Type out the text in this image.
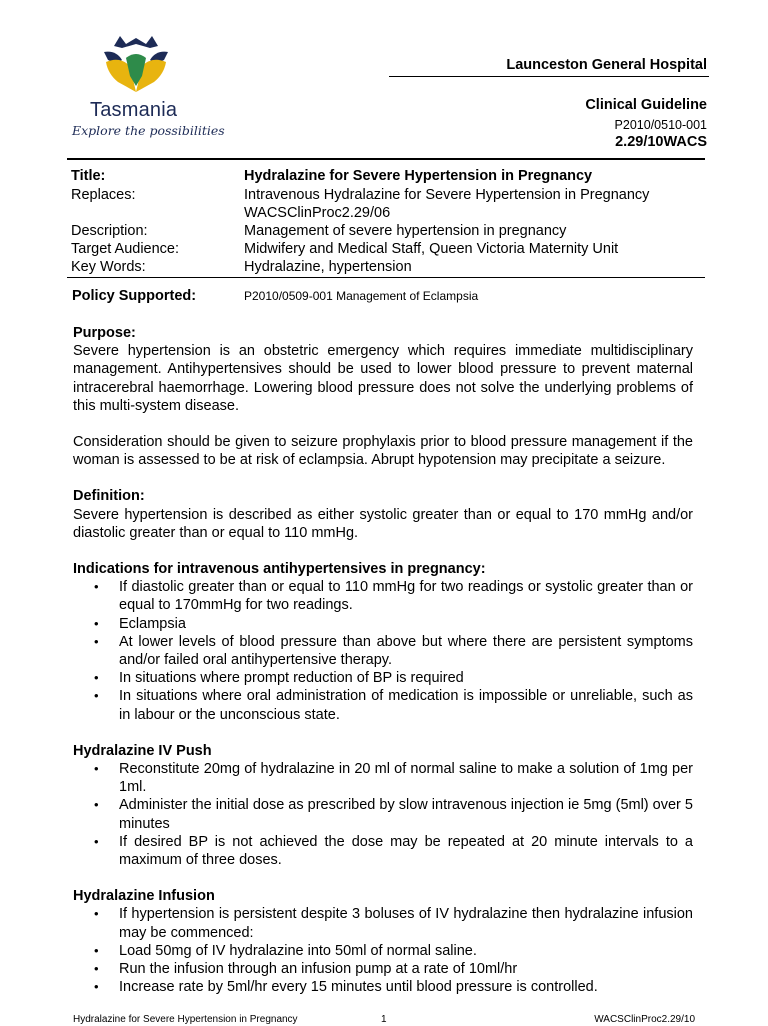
Tasmania
Explore the possibilities
Launceston General Hospital
Clinical Guideline
P2010/0510-001
2.29/10WACS
Title:	Hydralazine for Severe Hypertension in Pregnancy
Replaces:	Intravenous Hydralazine for Severe Hypertension in Pregnancy
WACSClinProc2.29/06
Description:	Management of severe hypertension in pregnancy
Target Audience:	Midwifery and Medical Staff, Queen Victoria Maternity Unit
Key Words:	Hydralazine, hypertension
Policy Supported:	P2010/0509-001 Management of Eclampsia
Purpose:

Severe hypertension is an obstetric emergency which requires immediate multidisciplinary management. Antihypertensives should be used to lower blood pressure to prevent maternal intracerebral haemorrhage. Lowering blood pressure does not solve the underlying problems of this multi-system disease.

Consideration should be given to seizure prophylaxis prior to blood pressure management if the woman is assessed to be at risk of eclampsia. Abrupt hypotension may precipitate a seizure.

Definition:

Severe hypertension is described as either systolic greater than or equal to 170 mmHg and/or diastolic greater than or equal to 110 mmHg.

Indications for intravenous antihypertensives in pregnancy:
• If diastolic greater than or equal to 110 mmHg for two readings or systolic greater than or equal to 170mmHg for two readings.
• Eclampsia
• At lower levels of blood pressure than above but where there are persistent symptoms and/or failed oral antihypertensive therapy.
• In situations where prompt reduction of BP is required
• In situations where oral administration of medication is impossible or unreliable, such as in labour or the unconscious state.
Hydralazine IV Push
• Reconstitute 20mg of hydralazine in 20 ml of normal saline to make a solution of 1mg per 1ml.
• Administer the initial dose as prescribed by slow intravenous injection ie 5mg (5ml) over 5 minutes
• If desired BP is not achieved the dose may be repeated at 20 minute intervals to a maximum of three doses.
Hydralazine Infusion
• If hypertension is persistent despite 3 boluses of IV hydralazine then hydralazine infusion may be commenced:
• Load 50mg of IV hydralazine into 50ml of normal saline.
• Run the infusion through an infusion pump at a rate of 10ml/hr
• Increase rate by 5ml/hr every 15 minutes until blood pressure is controlled.
Hydralazine for Severe Hypertension in Pregnancy	1	WACSClinProc2.29/10
